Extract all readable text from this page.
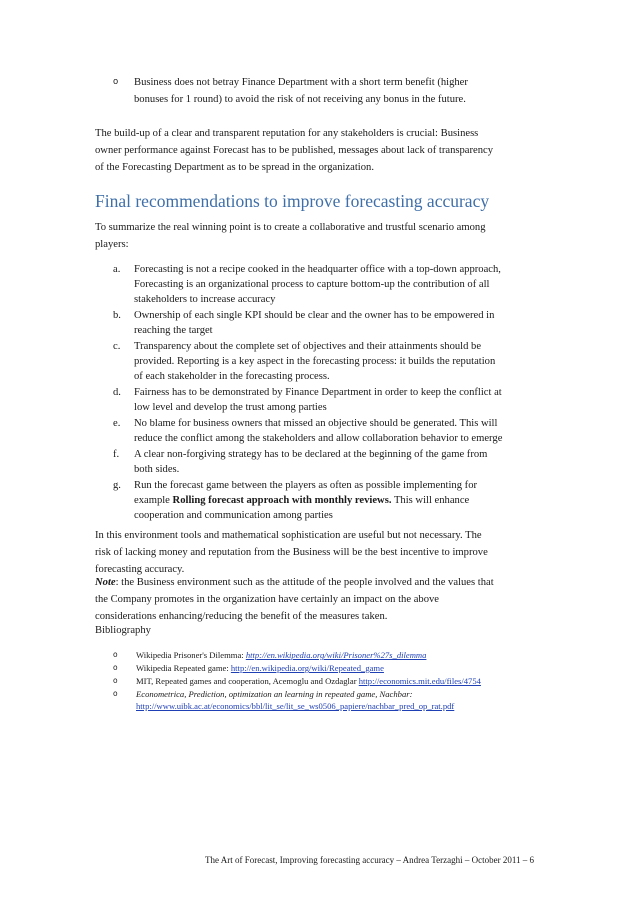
o Business does not betray Finance Department with a short term benefit (higher
bonuses for 1 round) to avoid the risk of not receiving any bonus in the future.
The build-up of a clear and transparent reputation for any stakeholders is crucial: Business
owner performance against Forecast has to be published, messages about lack of transparency
of the Forecasting Department as to be spread in the organization.
Final recommendations to improve forecasting accuracy
To summarize the real winning point is to create a collaborative and trustful scenario among
players:
a.	Forecasting is not a recipe cooked in the headquarter office with a top-down approach,
Forecasting is an organizational process to capture bottom-up the contribution of all
stakeholders to increase accuracy
b.	Ownership of each single KPI should be clear and the owner has to be empowered in
reaching the target
c.	Transparency about the complete set of objectives and their attainments should be
provided. Reporting is a key aspect in the forecasting process: it builds the reputation
of each stakeholder in the forecasting process.
d.	Fairness has to be demonstrated by Finance Department in order to keep the conflict at
low level and develop the trust among parties
e.	No blame for business owners that missed an objective should be generated. This will
reduce the conflict among the stakeholders and allow collaboration behavior to emerge
f.	A clear non-forgiving strategy has to be declared at the beginning of the game from
both sides.
g.	Run the forecast game between the players as often as possible implementing for
example Rolling forecast approach with monthly reviews. This will enhance
cooperation and communication among parties
In this environment tools and mathematical sophistication are useful but not necessary. The
risk of lacking money and reputation from the Business will be the best incentive to improve
forecasting accuracy.
Note: the Business environment such as the attitude of the people involved and the values that
the Company promotes in the organization have certainly an impact on the above
considerations enhancing/reducing the benefit of the measures taken.
Bibliography
o Wikipedia Prisoner's Dilemma: http://en.wikipedia.org/wiki/Prisoner%27s_dilemma
o Wikipedia Repeated game: http://en.wikipedia.org/wiki/Repeated_game
o MIT, Repeated games and cooperation, Acemoglu and Ozdaglar http://economics.mit.edu/files/4754
o Econometrica, Prediction, optimization an learning in repeated game, Nachbar:
http://www.uibk.ac.at/economics/bbl/lit_se/lit_se_ws0506_papiere/nachbar_pred_op_rat.pdf
The Art of Forecast, Improving forecasting accuracy – Andrea Terzaghi – October 2011 – 6
